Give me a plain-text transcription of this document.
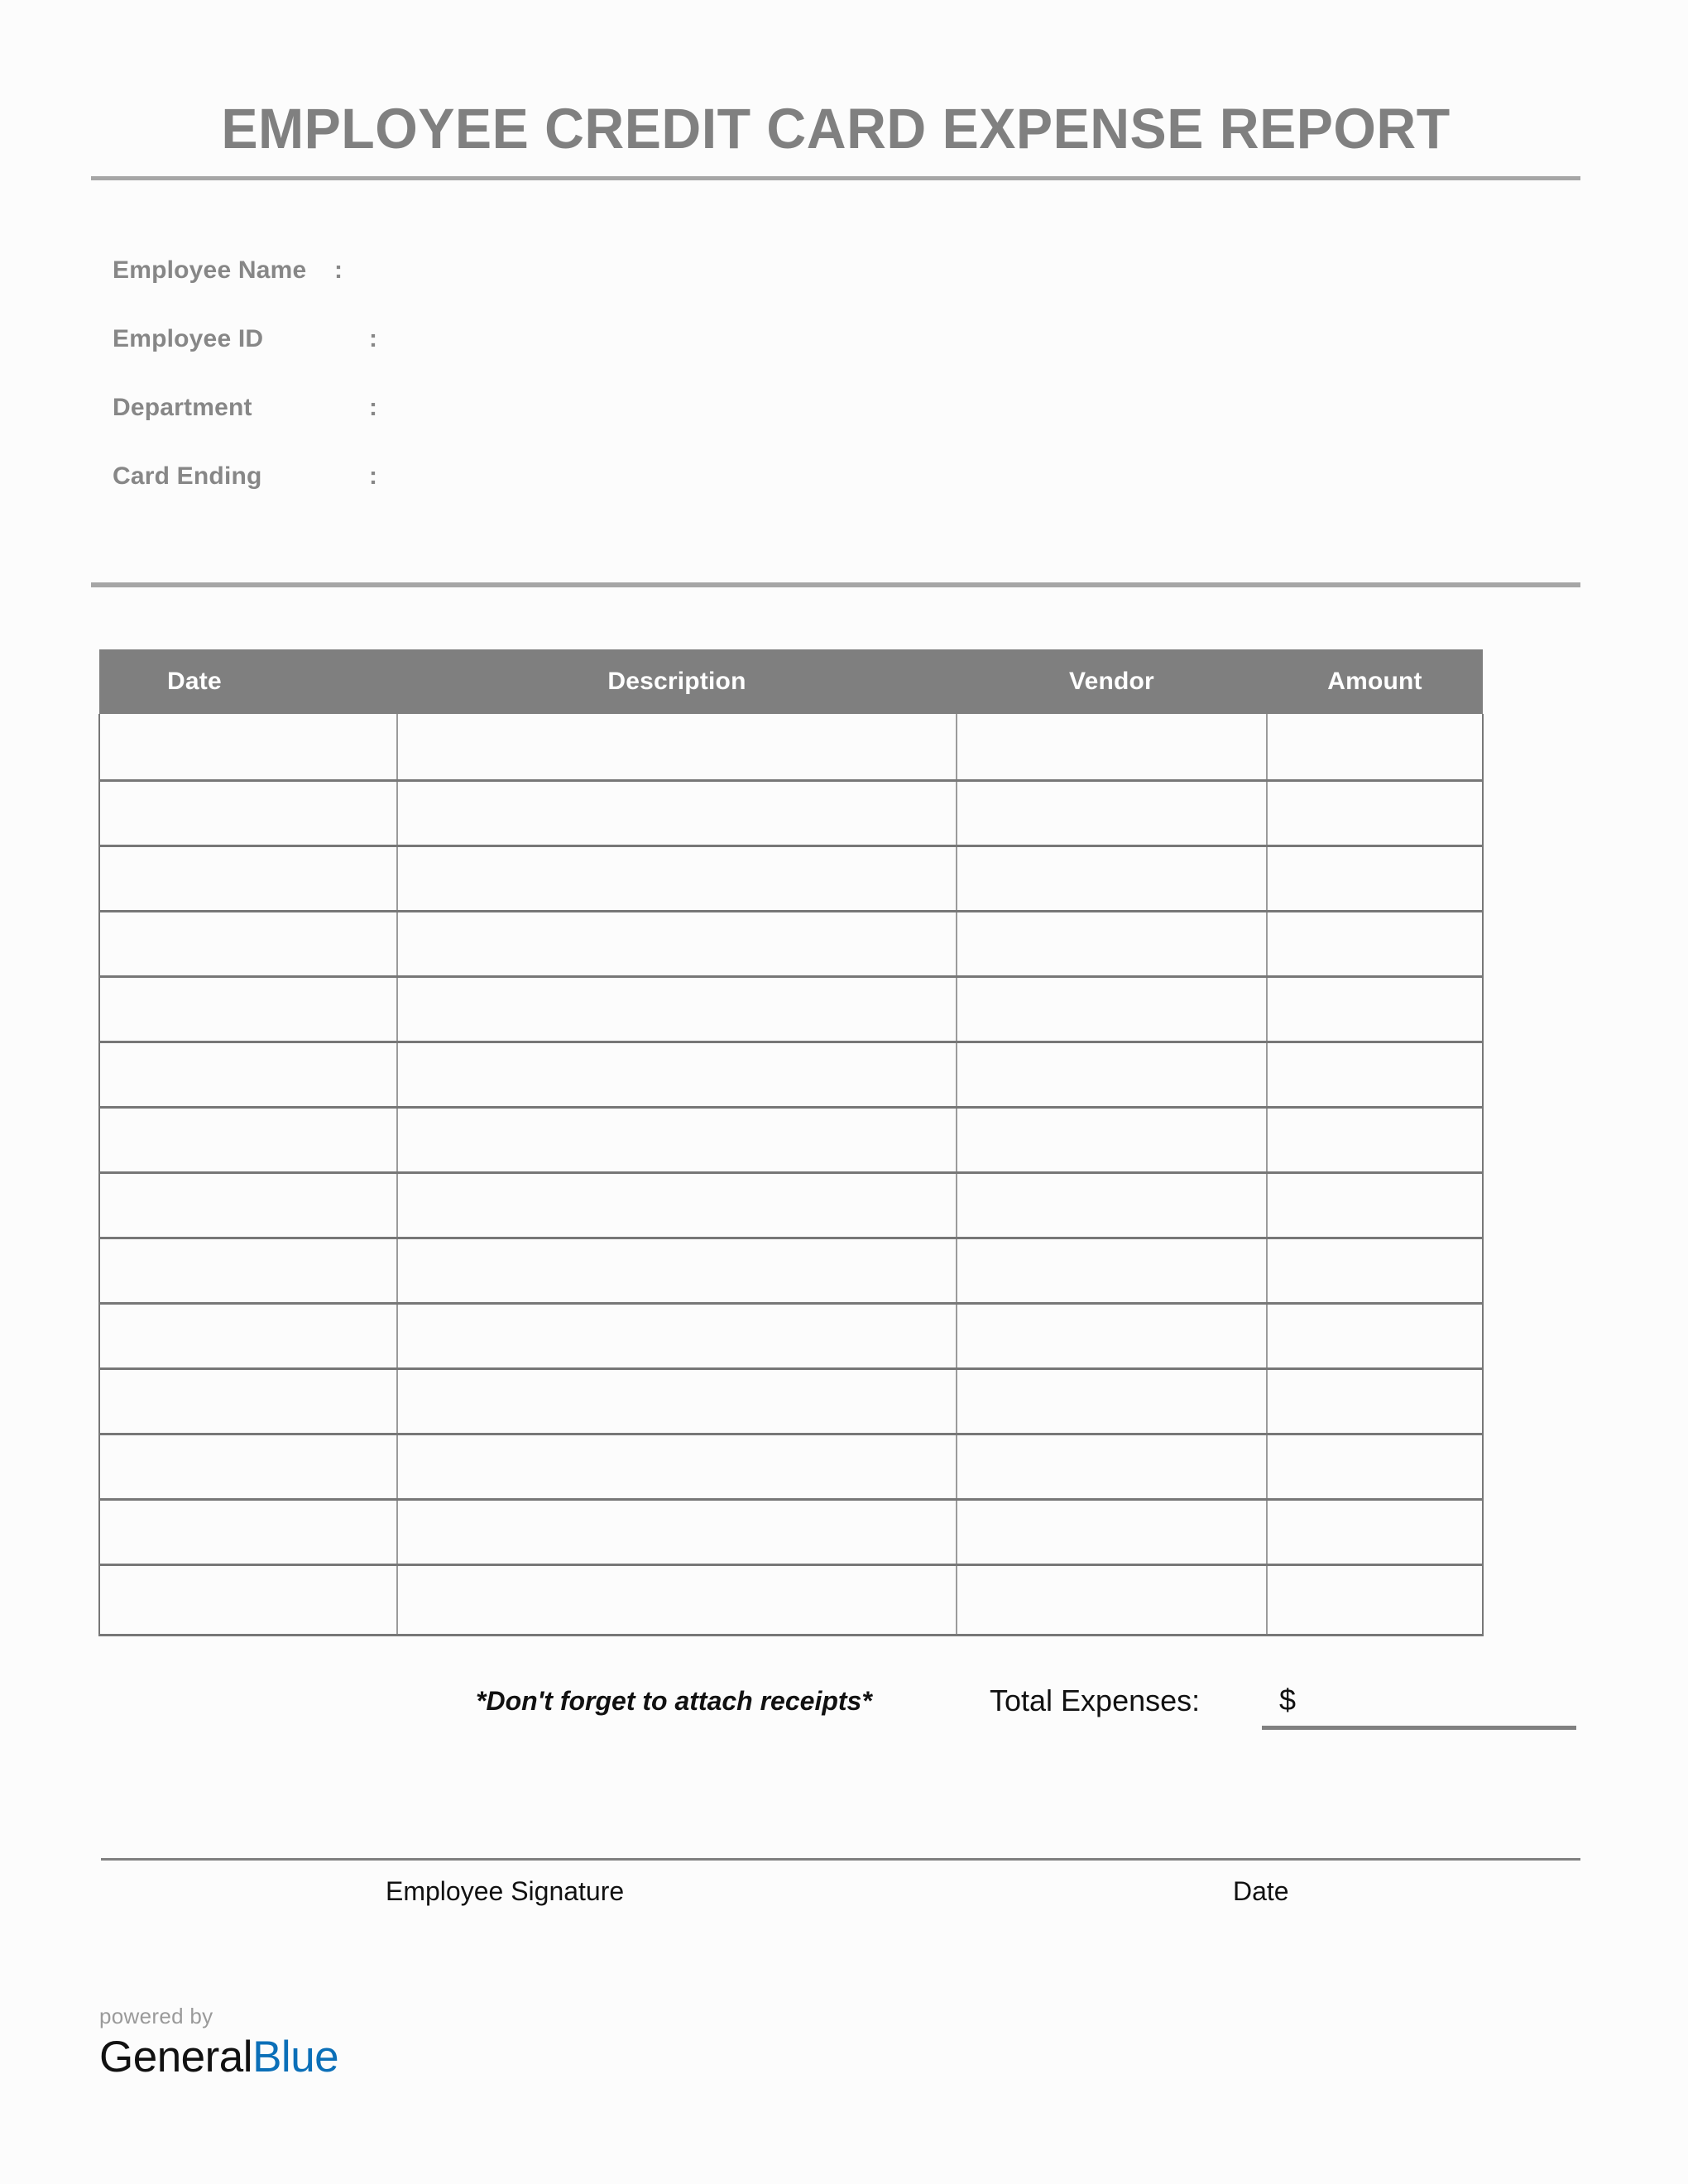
EMPLOYEE CREDIT CARD EXPENSE REPORT
Employee Name :
Employee ID	:
Department	:
Card Ending	:
Date	Description	Vendor	Amount

*Don't forget to attach receipts*	Total Expenses:	$
Employee Signature	Date
powered by
GeneralBlue
